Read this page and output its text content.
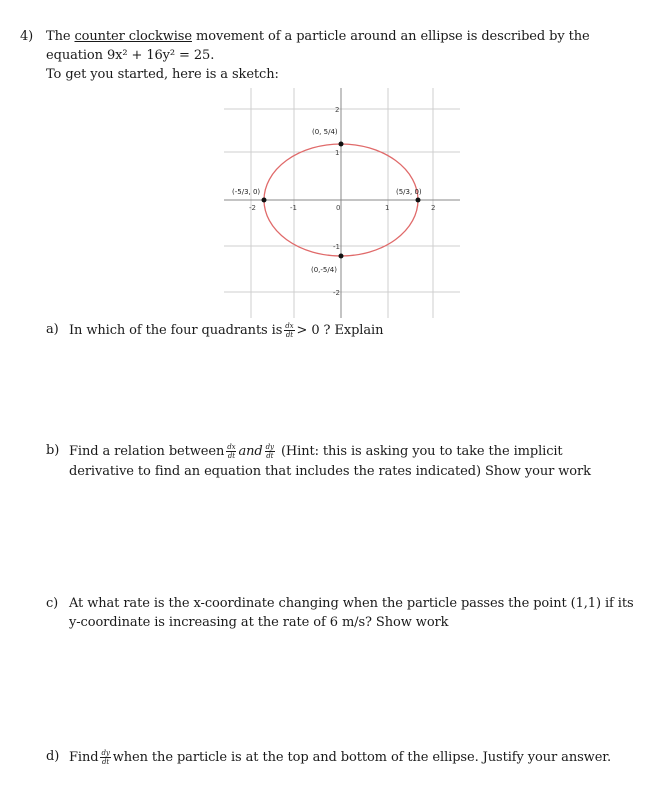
4) The counter clockwise movement of a particle around an ellipse is described by the
equation 9x² + 16y² = 25.
To get you started, here is a sketch:
-2	-1	0	1	2
2
1
-1
-2
(0, 5/4)
(0,-5/4)
(-5/3, 0)	(5/3, 0)
a) In which of the four quadrants is $\frac{dx}{dt} > 0$ ? Explain
b) Find a relation between $\frac{dx}{dt}$ and $\frac{dy}{dt}$ (Hint: this is asking you to take the implicit
derivative to find an equation that includes the rates indicated) Show your work
c) At what rate is the x-coordinate changing when the particle passes the point (1,1) if its
y-coordinate is increasing at the rate of 6 m/s? Show work
d) Find $\frac{dy}{dt}$ when the particle is at the top and bottom of the ellipse. Justify your answer.
